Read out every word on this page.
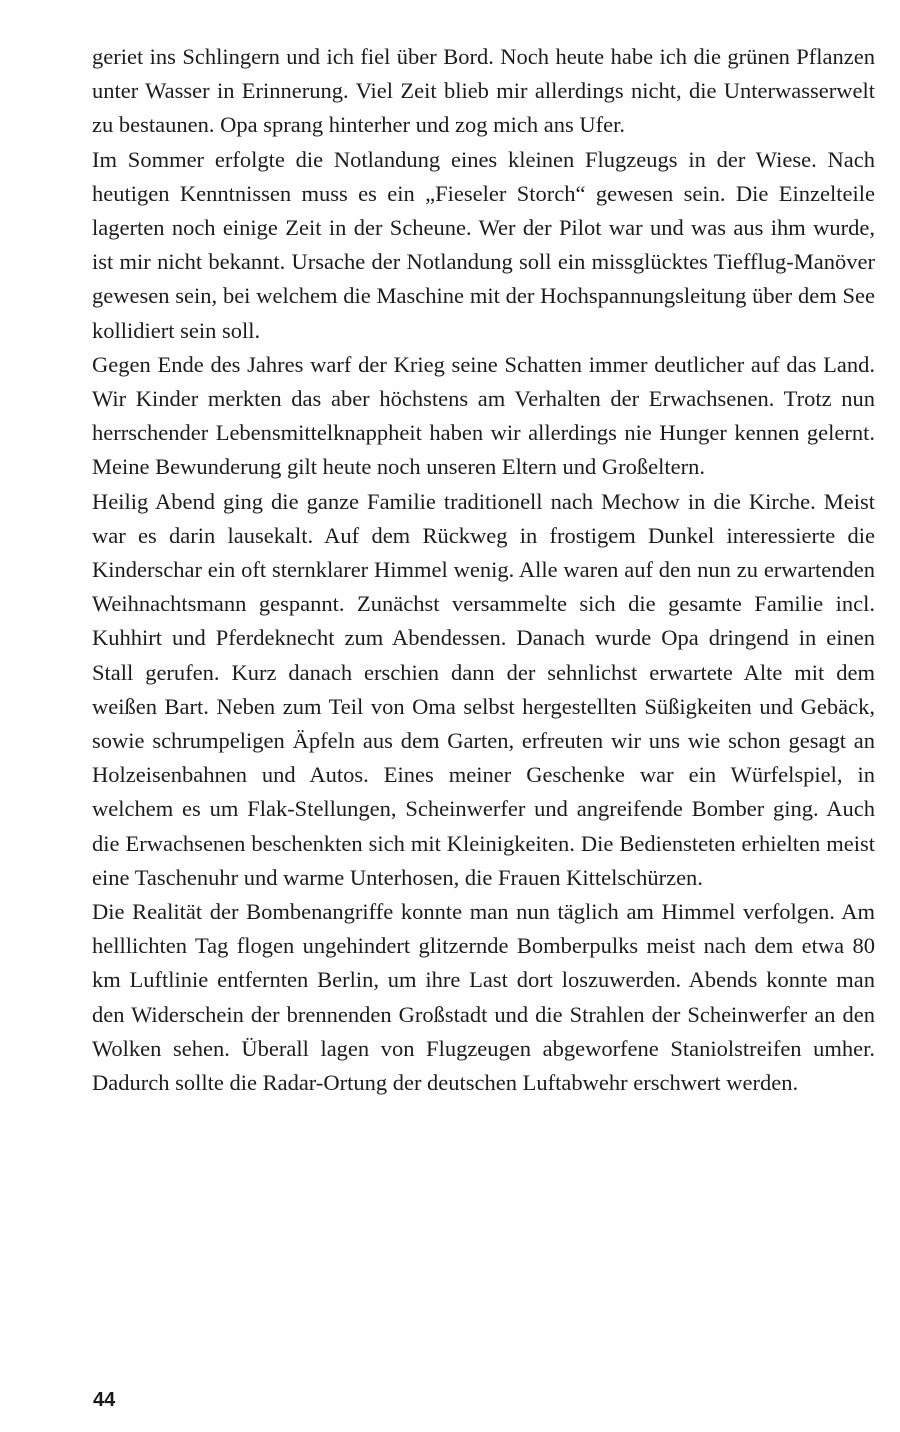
geriet ins Schlingern und ich fiel über Bord. Noch heute habe ich die grünen Pflanzen unter Wasser in Erinnerung. Viel Zeit blieb mir allerdings nicht, die Unterwasserwelt zu bestaunen. Opa sprang hinterher und zog mich ans Ufer.

Im Sommer erfolgte die Notlandung eines kleinen Flugzeugs in der Wiese. Nach heutigen Kenntnissen muss es ein „Fieseler Storch“ gewesen sein. Die Einzelteile lagerten noch einige Zeit in der Scheune. Wer der Pilot war und was aus ihm wurde, ist mir nicht bekannt. Ursache der Notlandung soll ein missglücktes Tiefflug-Manöver gewesen sein, bei welchem die Maschine mit der Hochspannungsleitung über dem See kollidiert sein soll.

Gegen Ende des Jahres warf der Krieg seine Schatten immer deutlicher auf das Land. Wir Kinder merkten das aber höchstens am Verhalten der Erwachsenen. Trotz nun herrschender Lebensmittelknappheit haben wir allerdings nie Hunger kennen gelernt. Meine Bewunderung gilt heute noch unseren Eltern und Großeltern.

Heilig Abend ging die ganze Familie traditionell nach Mechow in die Kirche. Meist war es darin lausekalt. Auf dem Rückweg in frostigem Dunkel interessierte die Kinderschar ein oft sternklarer Himmel wenig. Alle waren auf den nun zu erwartenden Weihnachtsmann gespannt. Zunächst versammelte sich die gesamte Familie incl. Kuhhirt und Pferdeknecht zum Abendessen. Danach wurde Opa dringend in einen Stall gerufen. Kurz danach erschien dann der sehnlichst erwartete Alte mit dem weißen Bart. Neben zum Teil von Oma selbst hergestellten Süßigkeiten und Gebäck, sowie schrumpeligen Äpfeln aus dem Garten, erfreuten wir uns wie schon gesagt an Holzeisenbahnen und Autos. Eines meiner Geschenke war ein Würfelspiel, in welchem es um Flak-Stellungen, Scheinwerfer und angreifende Bomber ging. Auch die Erwachsenen beschenkten sich mit Kleinigkeiten. Die Bediensteten erhielten meist eine Taschenuhr und warme Unterhosen, die Frauen Kittelschürzen.

Die Realität der Bombenangriffe konnte man nun täglich am Himmel verfolgen. Am helllichten Tag flogen ungehindert glitzernde Bomberpulks meist nach dem etwa 80 km Luftlinie entfernten Berlin, um ihre Last dort loszuwerden. Abends konnte man den Widerschein der brennenden Großstadt und die Strahlen der Scheinwerfer an den Wolken sehen. Überall lagen von Flugzeugen abgeworfene Staniolstreifen umher. Dadurch sollte die Radar-Ortung der deutschen Luftabwehr erschwert werden.

44
